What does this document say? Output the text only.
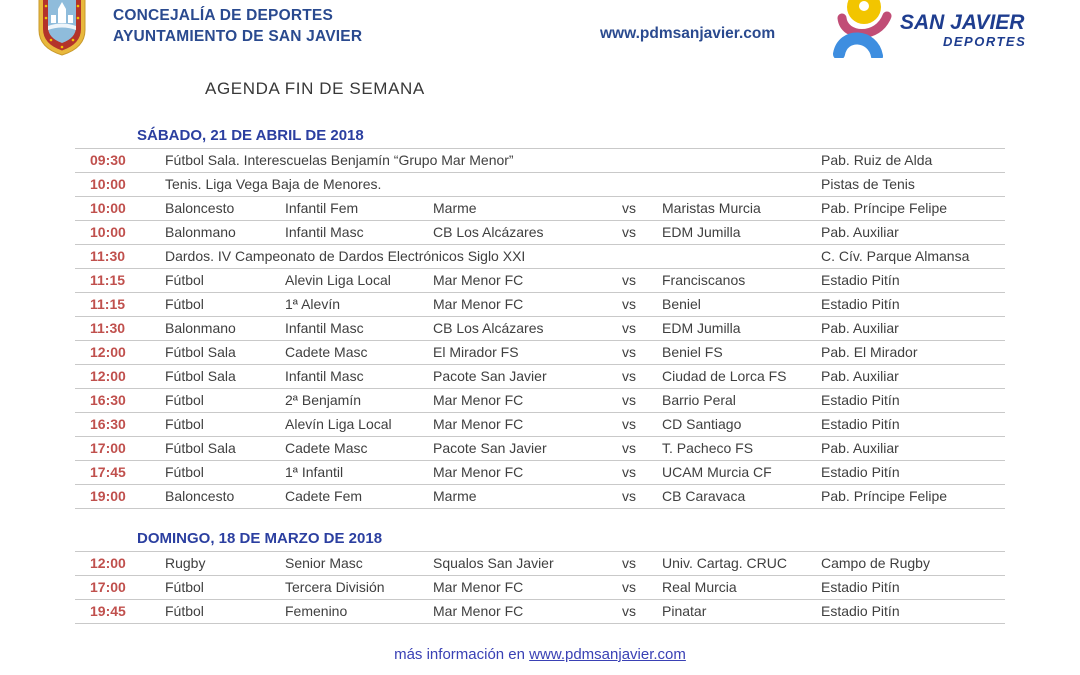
CONCEJALÍA DE DEPORTES
AYUNTAMIENTO DE SAN JAVIER	www.pdmsanjavier.com	SAN JAVIER
DEPORTES
AGENDA FIN DE SEMANA
SÁBADO, 21 DE ABRIL DE 2018
09:30	Fútbol Sala. Interescuelas Benjamín “Grupo Mar Menor”	Pab. Ruiz de Alda
10:00	Tenis. Liga Vega Baja de Menores.	Pistas de Tenis
10:00	Baloncesto	Infantil Fem	Marme	vs	Maristas Murcia	Pab. Príncipe Felipe
10:00	Balonmano	Infantil Masc	CB Los Alcázares	vs	EDM Jumilla	Pab. Auxiliar
11:30	Dardos. IV Campeonato de Dardos Electrónicos Siglo XXI	C. Cív. Parque Almansa
11:15	Fútbol	Alevin Liga Local	Mar Menor FC	vs	Franciscanos	Estadio Pitín
11:15	Fútbol	1ª Alevín	Mar Menor FC	vs	Beniel	Estadio Pitín
11:30	Balonmano	Infantil Masc	CB Los Alcázares	vs	EDM Jumilla	Pab. Auxiliar
12:00	Fútbol Sala	Cadete Masc	El Mirador FS	vs	Beniel FS	Pab. El Mirador
12:00	Fútbol Sala	Infantil Masc	Pacote San Javier	vs	Ciudad de Lorca FS	Pab. Auxiliar
16:30	Fútbol	2ª Benjamín	Mar Menor FC	vs	Barrio Peral	Estadio Pitín
16:30	Fútbol	Alevín Liga Local	Mar Menor FC	vs	CD Santiago	Estadio Pitín
17:00	Fútbol Sala	Cadete Masc	Pacote San Javier	vs	T. Pacheco FS	Pab. Auxiliar
17:45	Fútbol	1ª Infantil	Mar Menor FC	vs	UCAM Murcia CF	Estadio Pitín
19:00	Baloncesto	Cadete Fem	Marme	vs	CB Caravaca	Pab. Príncipe Felipe
DOMINGO, 18 DE MARZO DE 2018
12:00	Rugby	Senior Masc	Squalos San Javier	vs	Univ. Cartag. CRUC	Campo de Rugby
17:00	Fútbol	Tercera División	Mar Menor FC	vs	Real Murcia	Estadio Pitín
19:45	Fútbol	Femenino	Mar Menor FC	vs	Pinatar	Estadio Pitín
más información en www.pdmsanjavier.com
